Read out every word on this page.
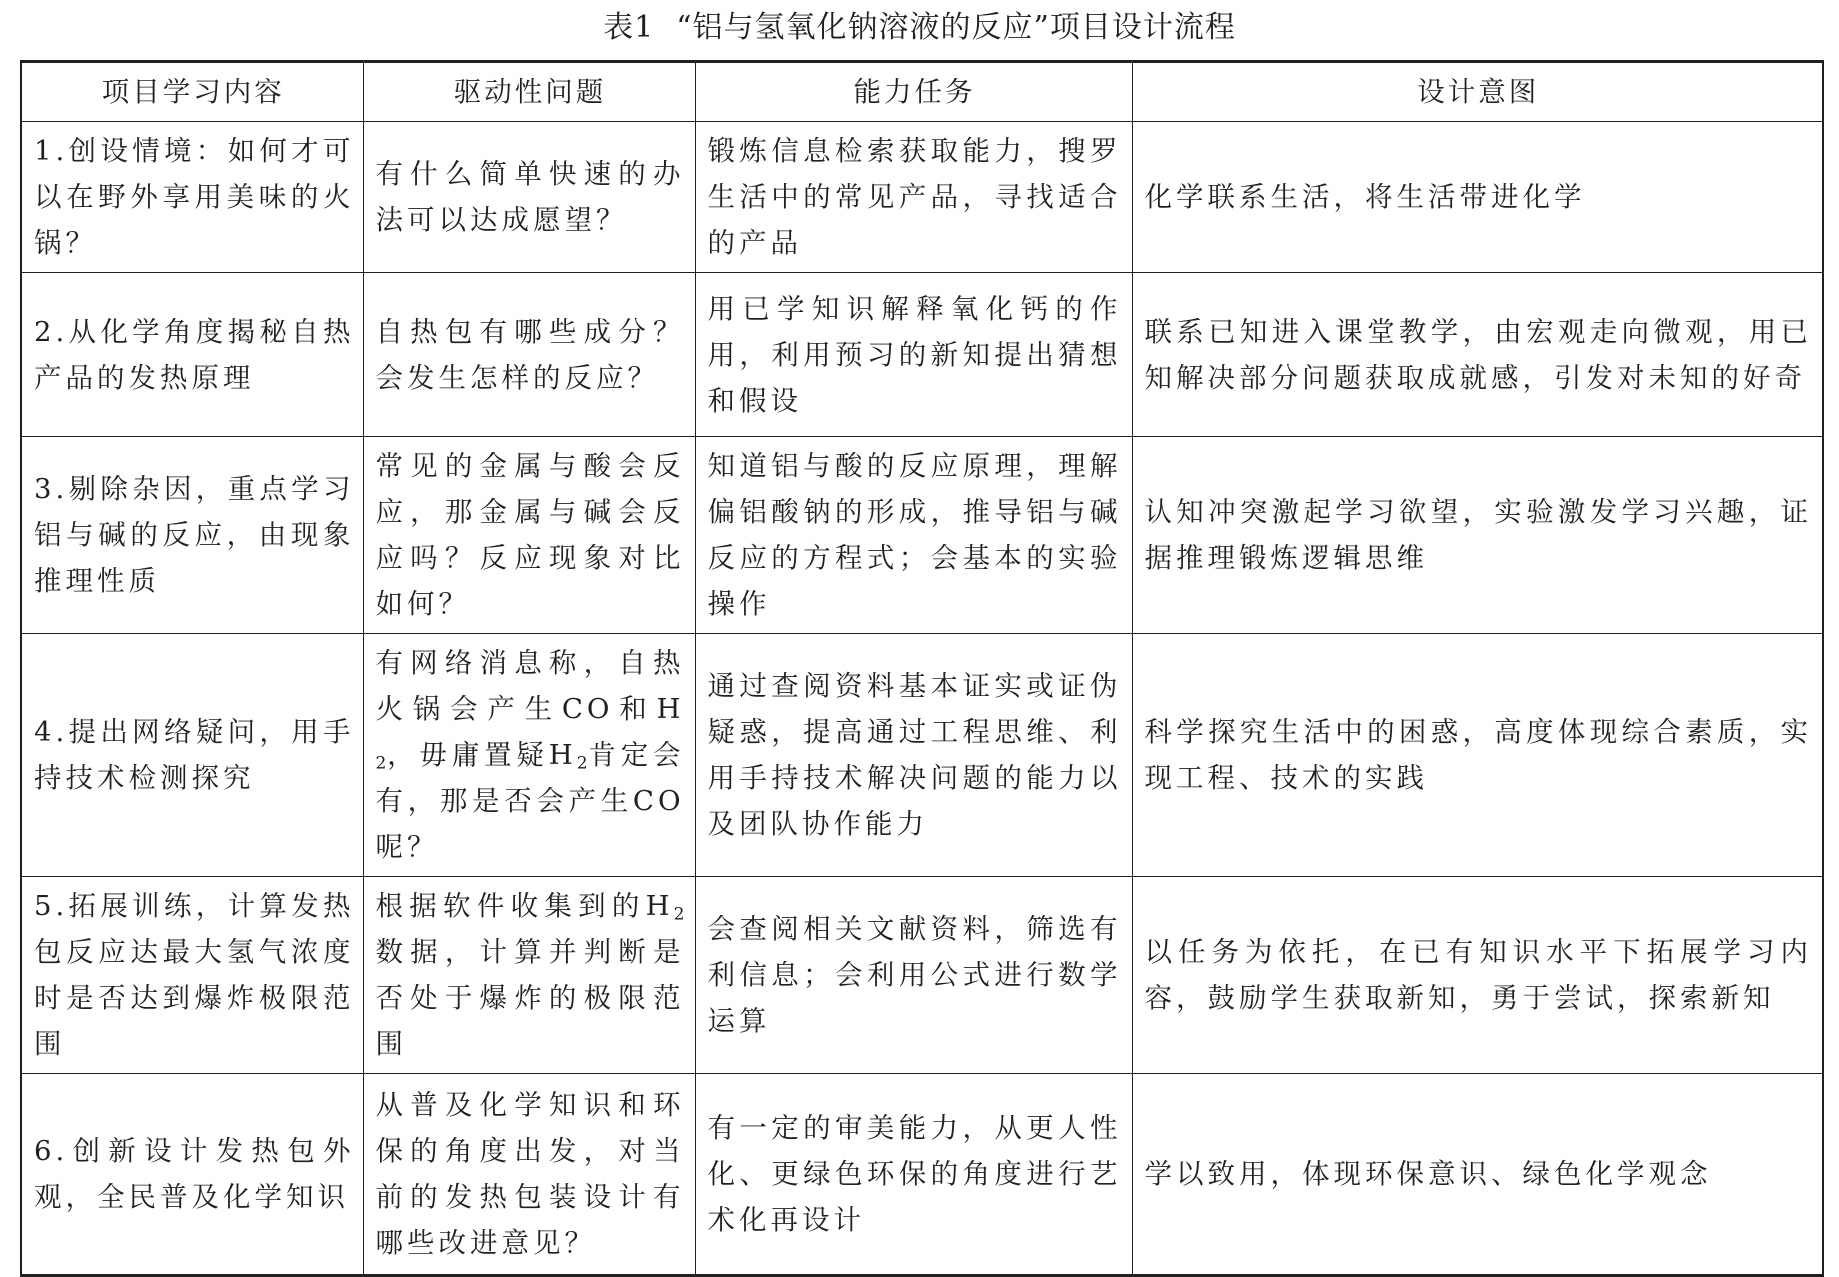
表1 “铝与氢氧化钠溶液的反应”项目设计流程
项目学习内容	驱动性问题	能力任务	设计意图
1.创设情境：如何才可以在野外享用美味的火锅？	有什么简单快速的办法可以达成愿望？	锻炼信息检索获取能力，搜罗生活中的常见产品，寻找适合的产品	化学联系生活，将生活带进化学
2.从化学角度揭秘自热产品的发热原理	自热包有哪些成分？会发生怎样的反应？	用已学知识解释氧化钙的作用，利用预习的新知提出猜想和假设	联系已知进入课堂教学，由宏观走向微观，用已知解决部分问题获取成就感，引发对未知的好奇
3.剔除杂因，重点学习铝与碱的反应，由现象推理性质	常见的金属与酸会反应，那金属与碱会反应吗？反应现象对比如何？	知道铝与酸的反应原理，理解偏铝酸钠的形成，推导铝与碱反应的方程式；会基本的实验操作	认知冲突激起学习欲望，实验激发学习兴趣，证据推理锻炼逻辑思维
4.提出网络疑问，用手持技术检测探究	有网络消息称，自热火锅会产生CO和$H_2$，毋庸置疑$H_2$肯定会有，那是否会产生CO呢？	通过查阅资料基本证实或证伪疑惑，提高通过工程思维、利用手持技术解决问题的能力以及团队协作能力	科学探究生活中的困惑，高度体现综合素质，实现工程、技术的实践
5.拓展训练，计算发热包反应达最大氢气浓度时是否达到爆炸极限范围	根据软件收集到的$H_2$数据，计算并判断是否处于爆炸的极限范围	会查阅相关文献资料，筛选有利信息；会利用公式进行数学运算	以任务为依托，在已有知识水平下拓展学习内容，鼓励学生获取新知，勇于尝试，探索新知
6.创新设计发热包外观，全民普及化学知识	从普及化学知识和环保的角度出发，对当前的发热包装设计有哪些改进意见？	有一定的审美能力，从更人性化、更绿色环保的角度进行艺术化再设计	学以致用，体现环保意识、绿色化学观念
